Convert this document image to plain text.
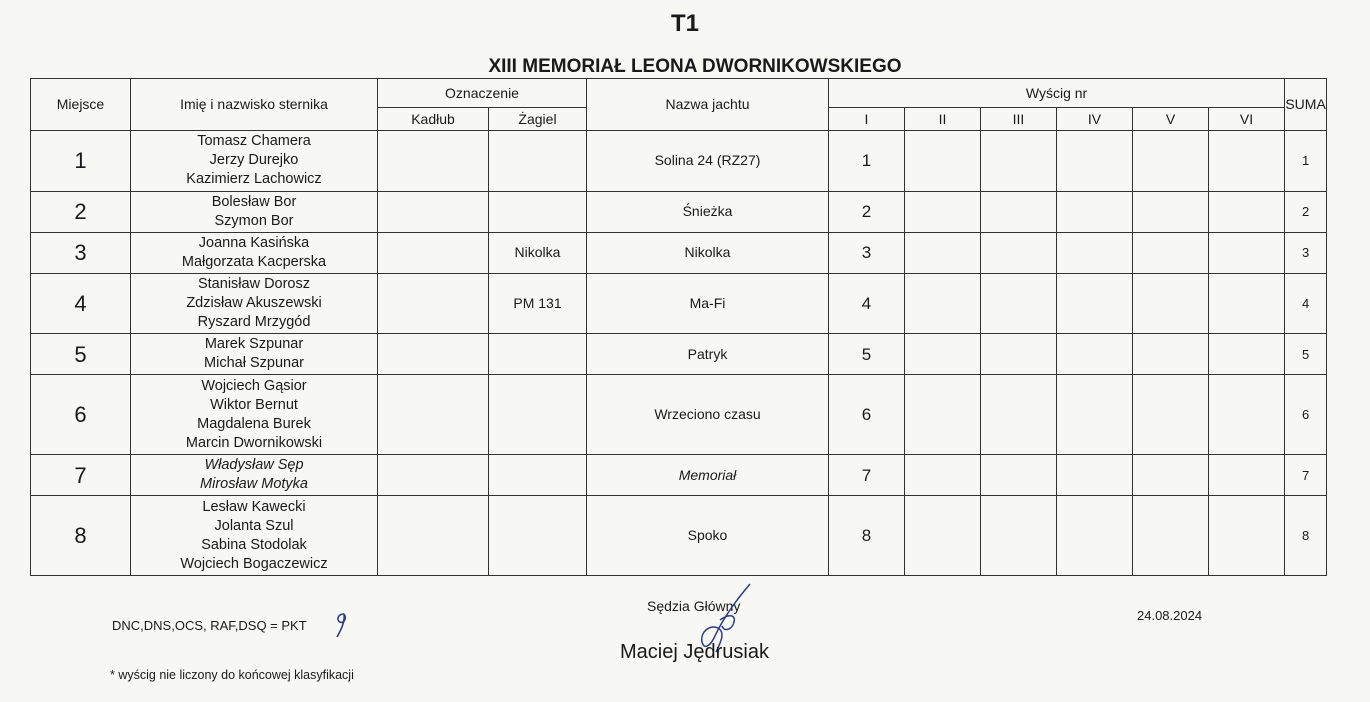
T1
XIII MEMORIAŁ LEONA DWORNIKOWSKIEGO
Miejsce	Imię i nazwisko sternika	Oznaczenie		Nazwa jachtu	Wyścig nr						SUMA
		Kadłub	Żagiel		I	II	III	IV	V	VI	
1	Tomasz Chamera
Jerzy Durejko
Kazimierz Lachowicz			Solina 24 (RZ27)	1						1
2	Bolesław Bor
Szymon Bor			Śnieżka	2						2
3	Joanna Kasińska
Małgorzata Kacperska		Nikolka	Nikolka	3						3
4	Stanisław Dorosz
Zdzisław Akuszewski
Ryszard Mrzygód		PM 131	Ma-Fi	4						4
5	Marek Szpunar
Michał Szpunar			Patryk	5						5
6	Wojciech Gąsior
Wiktor Bernut
Magdalena Burek
Marcin Dwornikowski			Wrzeciono czasu	6						6
7	Władysław Sęp
Mirosław Motyka			Memoriał	7						7
8	Lesław Kawecki
Jolanta Szul
Sabina Stodolak
Wojciech Bogaczewicz			Spoko	8						8
DNC,DNS,OCS, RAF,DSQ = PKT
Sędzia Główny
Maciej Jędrusiak
24.08.2024
* wyścig nie liczony do końcowej klasyfikacji
